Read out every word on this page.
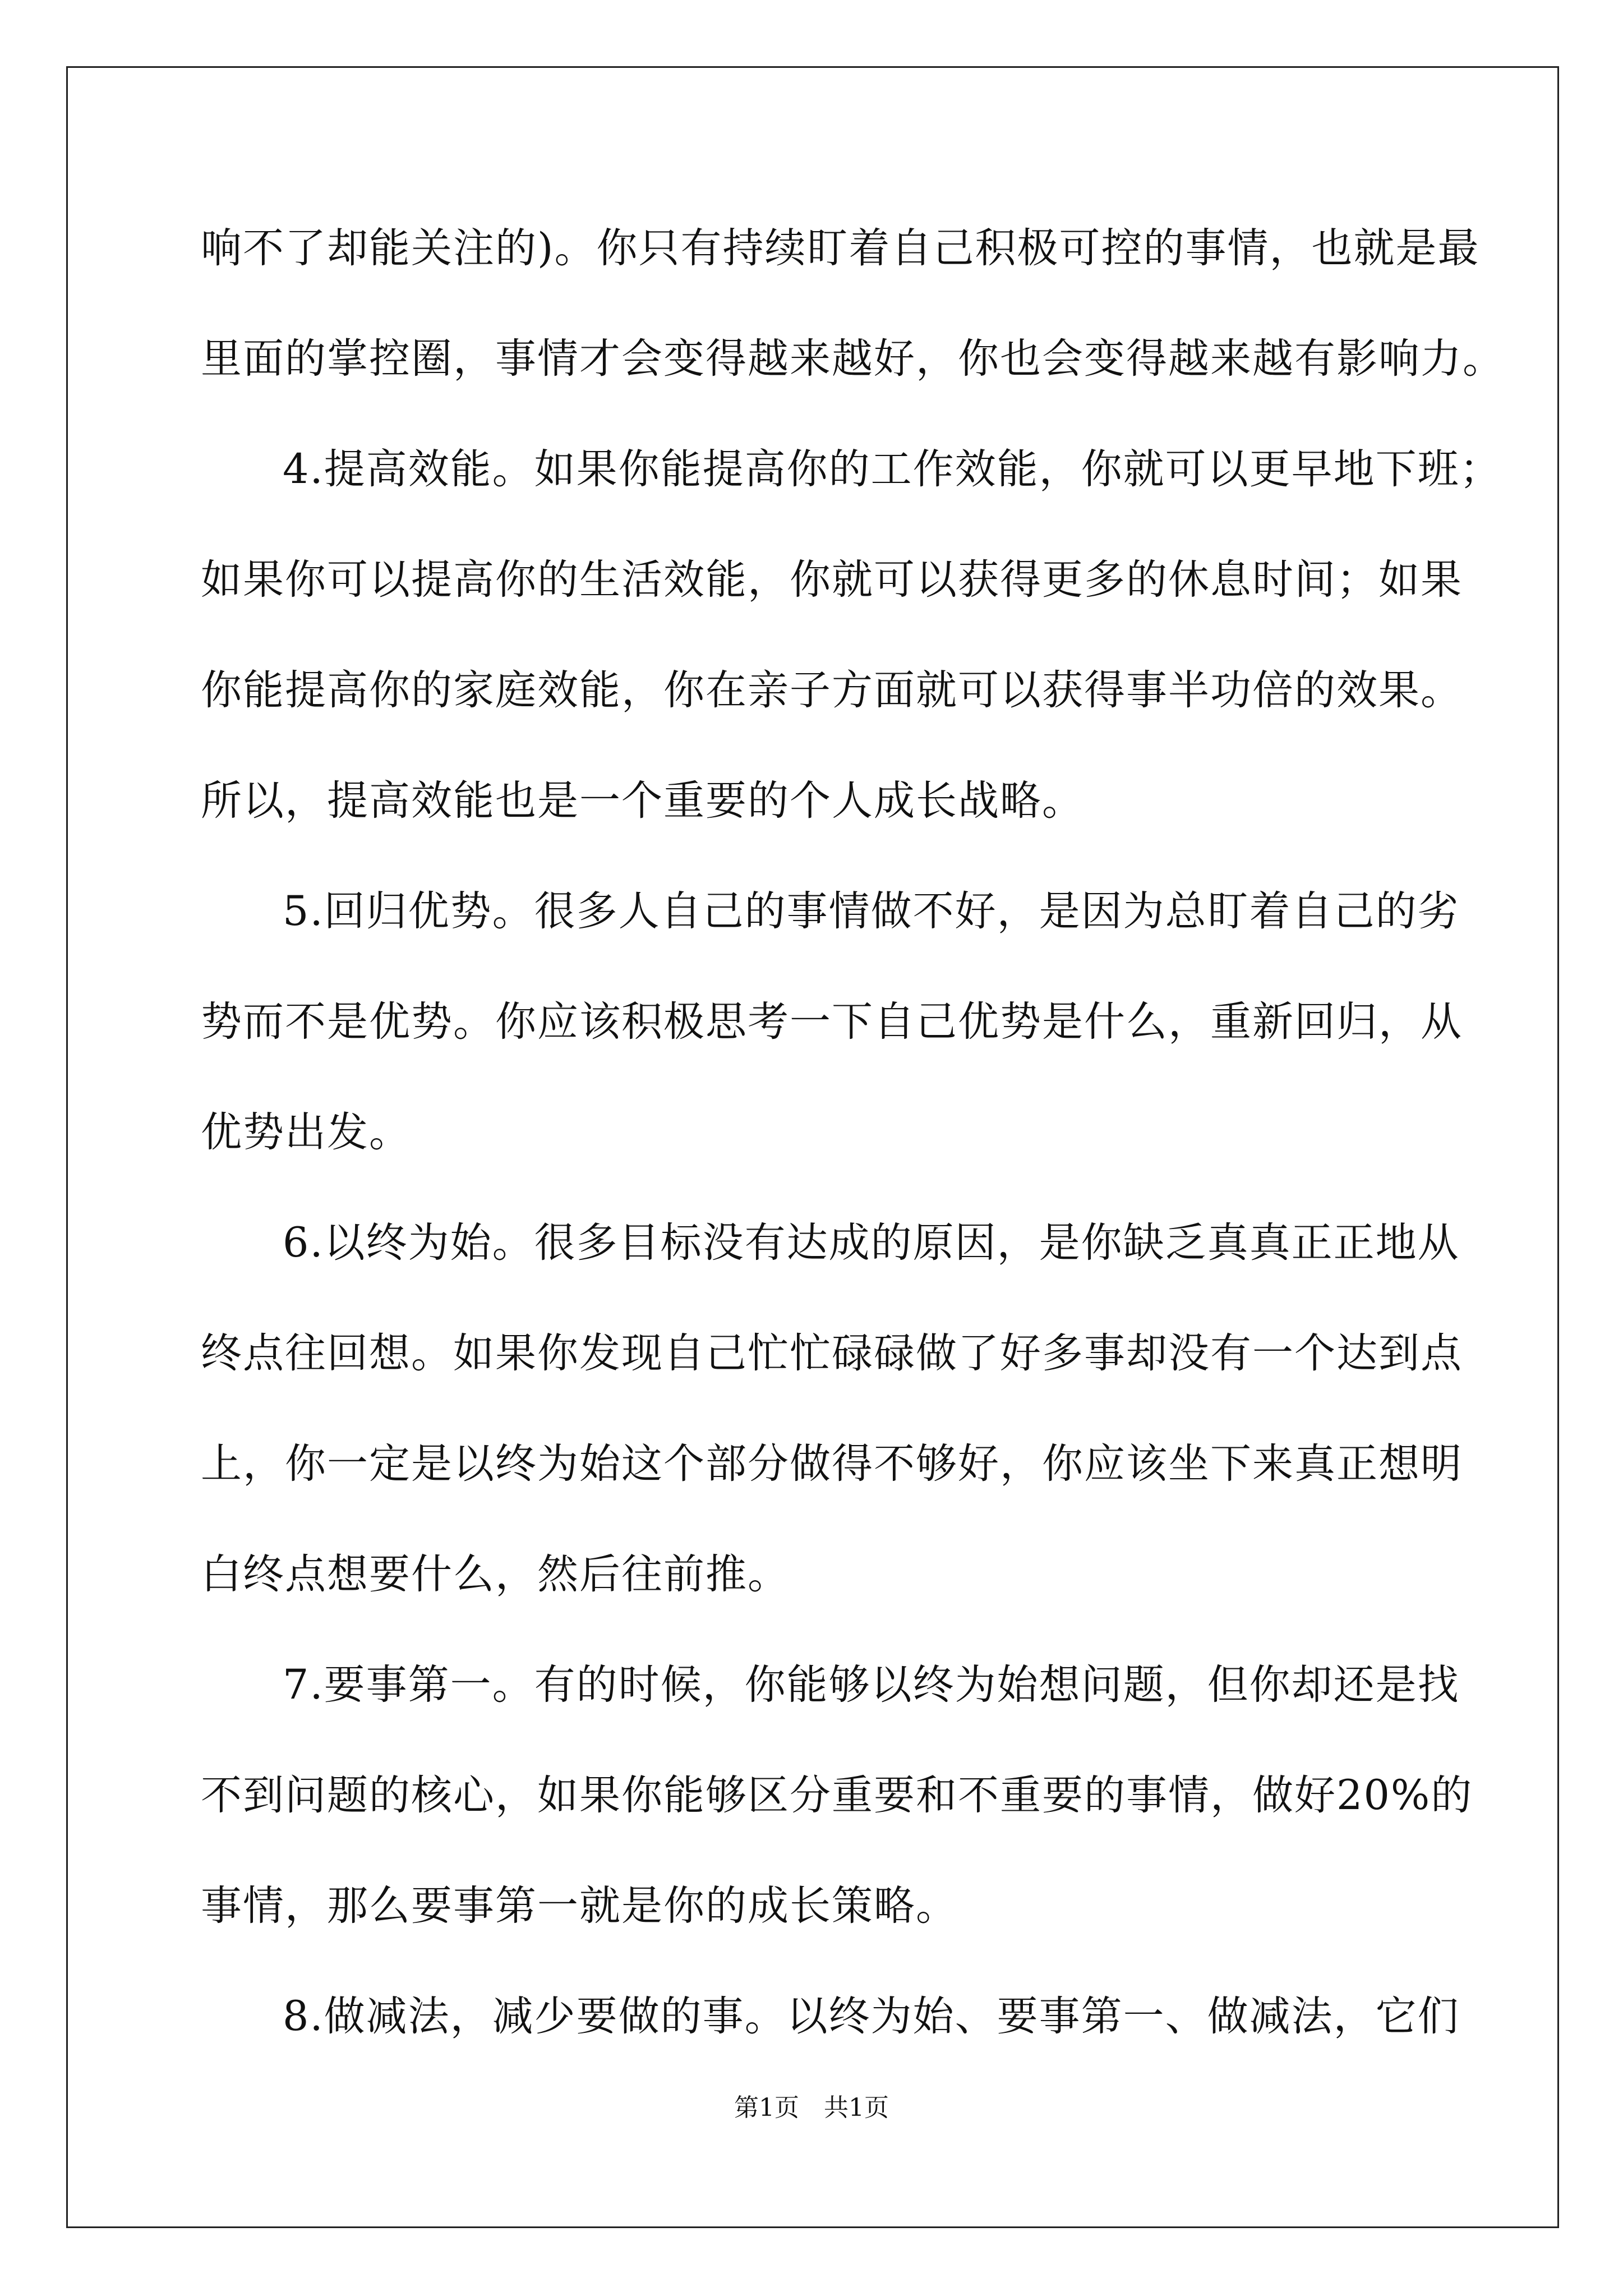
响不了却能关注的)。你只有持续盯着自己积极可控的事情，也就是最
里面的掌控圈，事情才会变得越来越好，你也会变得越来越有影响力。
4.提高效能。如果你能提高你的工作效能，你就可以更早地下班；
如果你可以提高你的生活效能，你就可以获得更多的休息时间；如果
你能提高你的家庭效能，你在亲子方面就可以获得事半功倍的效果。
所以，提高效能也是一个重要的个人成长战略。
5.回归优势。很多人自己的事情做不好，是因为总盯着自己的劣
势而不是优势。你应该积极思考一下自己优势是什么，重新回归，从
优势出发。
6.以终为始。很多目标没有达成的原因，是你缺乏真真正正地从
终点往回想。如果你发现自己忙忙碌碌做了好多事却没有一个达到点
上，你一定是以终为始这个部分做得不够好，你应该坐下来真正想明
白终点想要什么，然后往前推。
7.要事第一。有的时候，你能够以终为始想问题，但你却还是找
不到问题的核心，如果你能够区分重要和不重要的事情，做好20%的
事情，那么要事第一就是你的成长策略。
8.做减法，减少要做的事。以终为始、要事第一、做减法，它们
第1页　共1页
